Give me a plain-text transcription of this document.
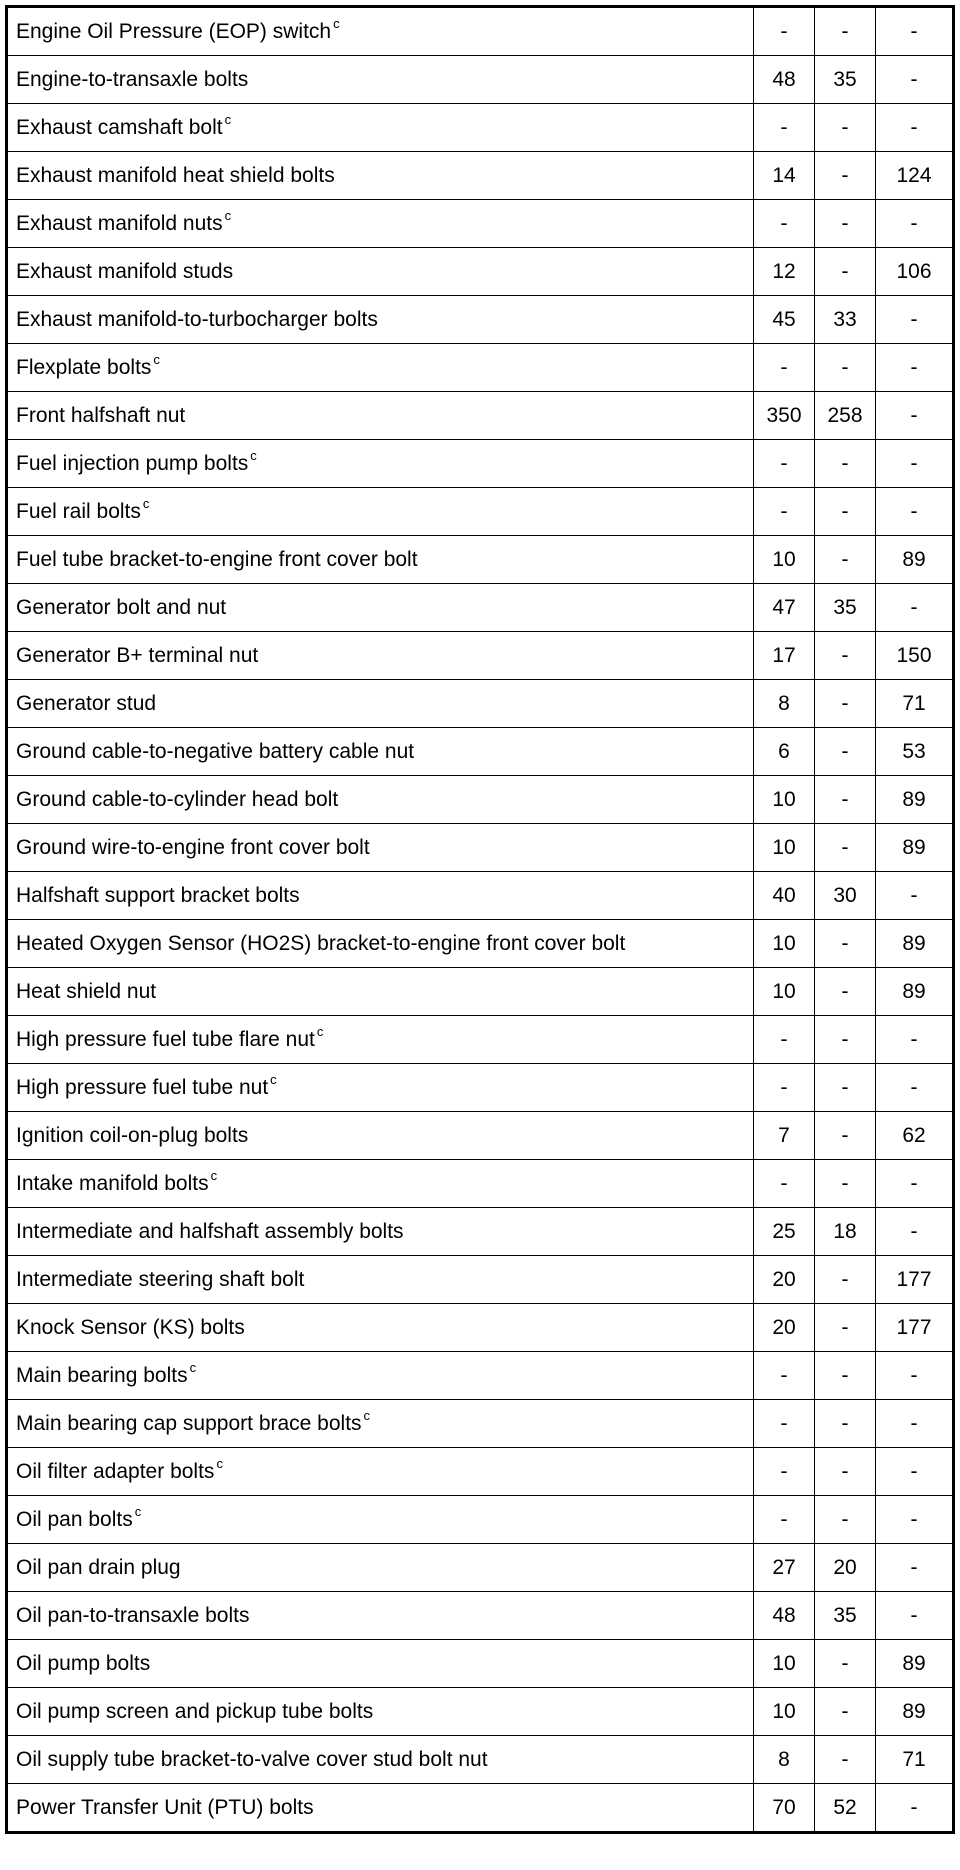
Engine Oil Pressure (EOP) switch $^c$	-	-	-
Engine-to-transaxle bolts	48	35	-
Exhaust camshaft bolt $^c$	-	-	-
Exhaust manifold heat shield bolts	14	-	124
Exhaust manifold nuts $^c$	-	-	-
Exhaust manifold studs	12	-	106
Exhaust manifold-to-turbocharger bolts	45	33	-
Flexplate bolts $^c$	-	-	-
Front halfshaft nut	350	258	-
Fuel injection pump bolts $^c$	-	-	-
Fuel rail bolts $^c$	-	-	-
Fuel tube bracket-to-engine front cover bolt	10	-	89
Generator bolt and nut	47	35	-
Generator B+ terminal nut	17	-	150
Generator stud	8	-	71
Ground cable-to-negative battery cable nut	6	-	53
Ground cable-to-cylinder head bolt	10	-	89
Ground wire-to-engine front cover bolt	10	-	89
Halfshaft support bracket bolts	40	30	-
Heated Oxygen Sensor (HO2S) bracket-to-engine front cover bolt	10	-	89
Heat shield nut	10	-	89
High pressure fuel tube flare nut $^c$	-	-	-
High pressure fuel tube nut $^c$	-	-	-
Ignition coil-on-plug bolts	7	-	62
Intake manifold bolts $^c$	-	-	-
Intermediate and halfshaft assembly bolts	25	18	-
Intermediate steering shaft bolt	20	-	177
Knock Sensor (KS) bolts	20	-	177
Main bearing bolts $^c$	-	-	-
Main bearing cap support brace bolts $^c$	-	-	-
Oil filter adapter bolts $^c$	-	-	-
Oil pan bolts $^c$	-	-	-
Oil pan drain plug	27	20	-
Oil pan-to-transaxle bolts	48	35	-
Oil pump bolts	10	-	89
Oil pump screen and pickup tube bolts	10	-	89
Oil supply tube bracket-to-valve cover stud bolt nut	8	-	71
Power Transfer Unit (PTU) bolts	70	52	-
